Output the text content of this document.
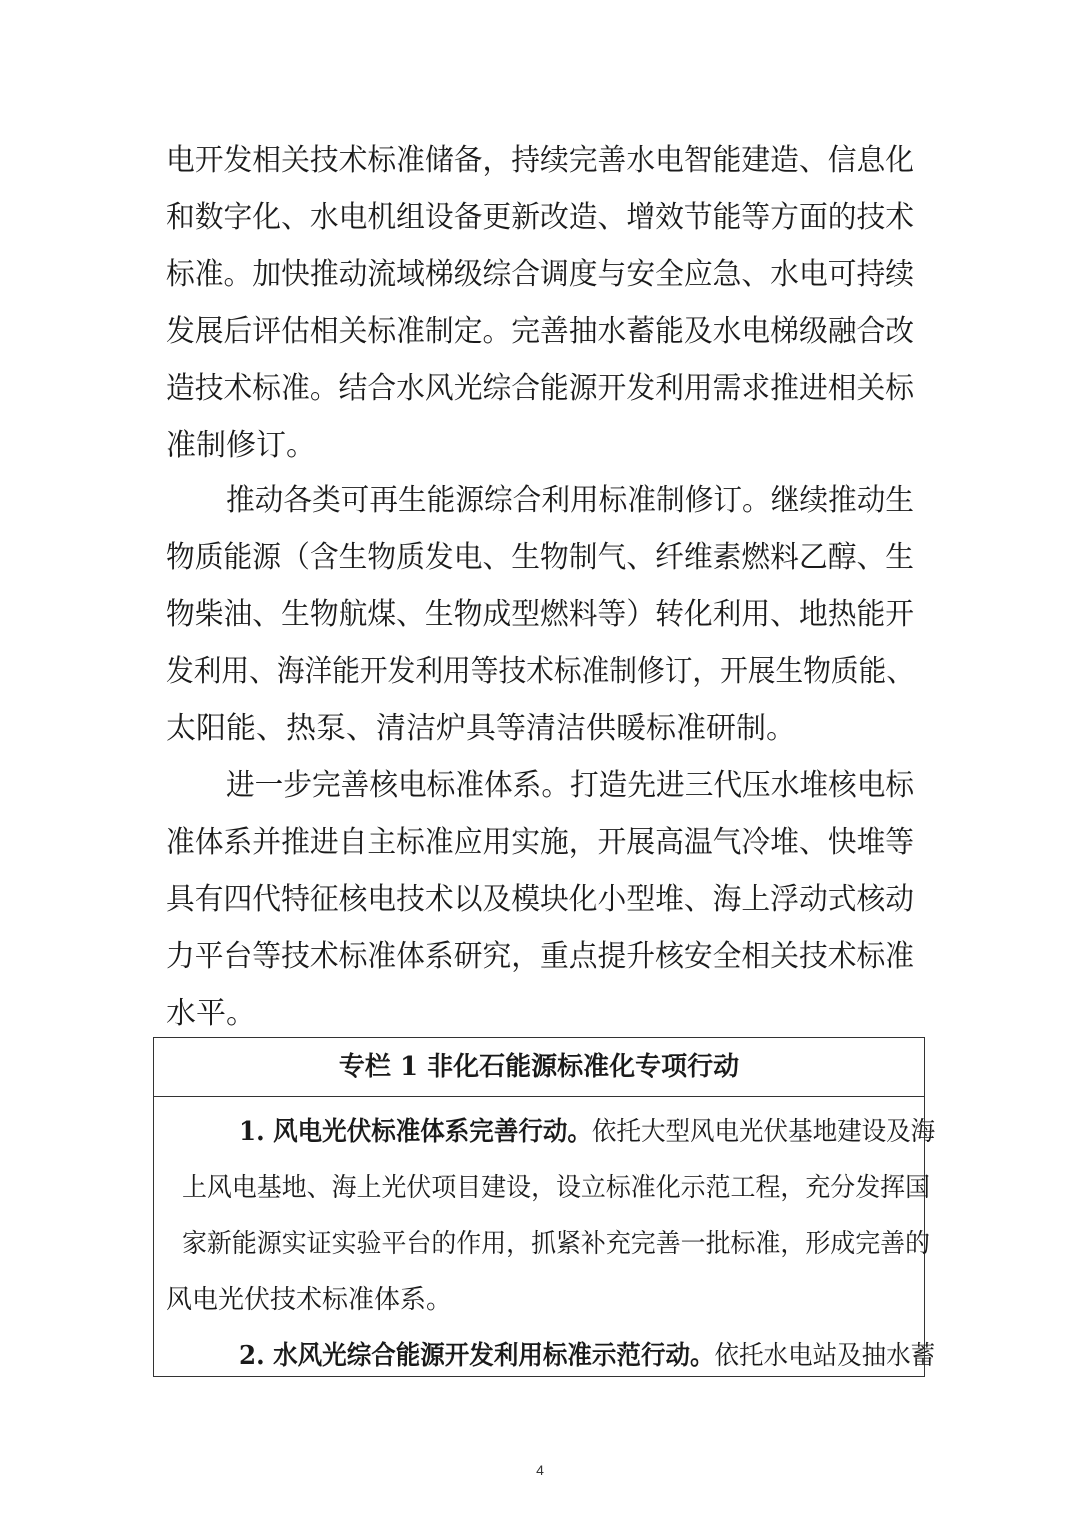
电开发相关技术标准储备，持续完善水电智能建造、信息化
和数字化、水电机组设备更新改造、增效节能等方面的技术
标准。加快推动流域梯级综合调度与安全应急、水电可持续
发展后评估相关标准制定。完善抽水蓄能及水电梯级融合改
造技术标准。结合水风光综合能源开发利用需求推进相关标
准制修订。
推动各类可再生能源综合利用标准制修订。继续推动生
物质能源（含生物质发电、生物制气、纤维素燃料乙醇、生
物柴油、生物航煤、生物成型燃料等）转化利用、地热能开
发利用、海洋能开发利用等技术标准制修订，开展生物质能、
太阳能、热泵、清洁炉具等清洁供暖标准研制。
进一步完善核电标准体系。打造先进三代压水堆核电标
准体系并推进自主标准应用实施，开展高温气冷堆、快堆等
具有四代特征核电技术以及模块化小型堆、海上浮动式核动
力平台等技术标准体系研究，重点提升核安全相关技术标准
水平。
专栏 1 非化石能源标准化专项行动
1. 风电光伏标准体系完善行动。依托大型风电光伏基地建设及海
上风电基地、海上光伏项目建设，设立标准化示范工程，充分发挥国
家新能源实证实验平台的作用，抓紧补充完善一批标准，形成完善的
风电光伏技术标准体系。
2. 水风光综合能源开发利用标准示范行动。依托水电站及抽水蓄
4
